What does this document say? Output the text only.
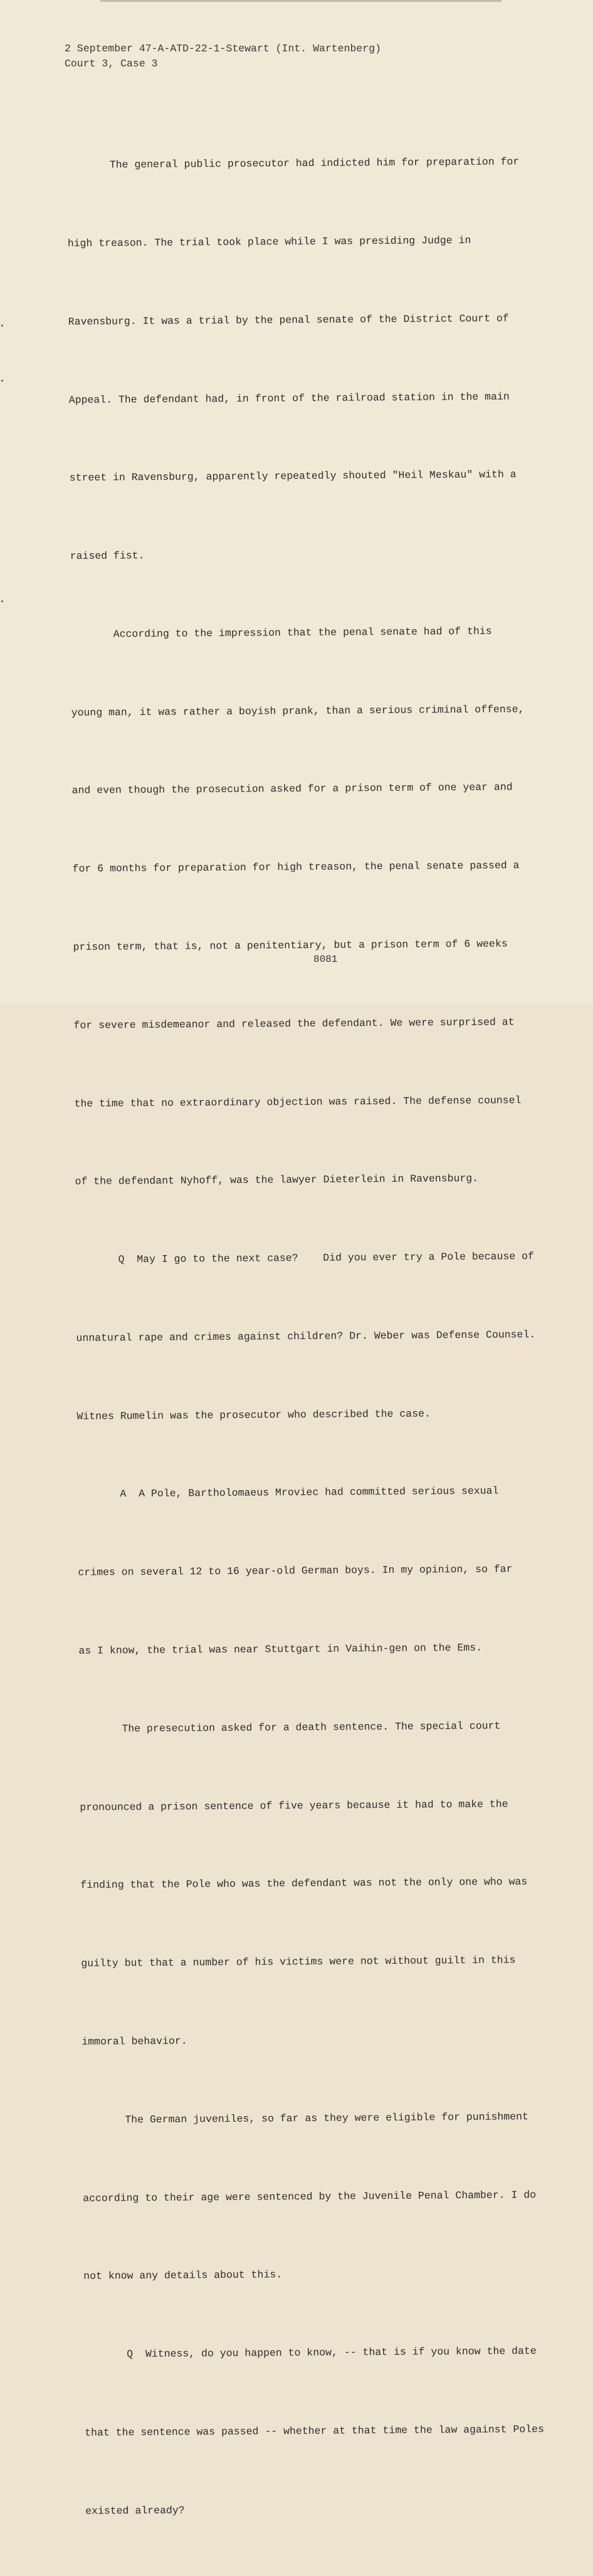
2 September 47-A-ATD-22-1-Stewart (Int. Wartenberg)
Court 3, Case 3

The general public prosecutor had indicted him for preparation for

high treason. The trial took place while I was presiding Judge in

Ravensburg. It was a trial by the penal senate of the District Court of

Appeal. The defendant had, in front of the railroad station in the main

street in Ravensburg, apparently repeatedly shouted "Heil Meskau" with a

raised fist.

According to the impression that the penal senate had of this

young man, it was rather a boyish prank, than a serious criminal offense,

and even though the prosecution asked for a prison term of one year and

for 6 months for preparation for high treason, the penal senate passed a

prison term, that is, not a penitentiary, but a prison term of 6 weeks

for severe misdemeanor and released the defendant. We were surprised at

the time that no extraordinary objection was raised. The defense counsel

of the defendant Nyhoff, was the lawyer Dieterlein in Ravensburg.

Q  May I go to the next case?    Did you ever try a Pole because of

unnatural rape and crimes against children? Dr. Weber was Defense Counsel.

Witnes Rumelin was the prosecutor who described the case.

A  A Pole, Bartholomaeus Mroviec had committed serious sexual

crimes on several 12 to 16 year-old German boys. In my opinion, so far

as I know, the trial was near Stuttgart in Vaihin-gen on the Ems.

The presecution asked for a death sentence. The special court

pronounced a prison sentence of five years because it had to make the

finding that the Pole who was the defendant was not the only one who was

guilty but that a number of his victims were not without guilt in this

immoral behavior.

The German juveniles, so far as they were eligible for punishment

according to their age were sentenced by the Juvenile Penal Chamber. I do

not know any details about this.

Q  Witness, do you happen to know, -- that is if you know the date

that the sentence was passed -- whether at that time the law against Poles

existed already?

8081
